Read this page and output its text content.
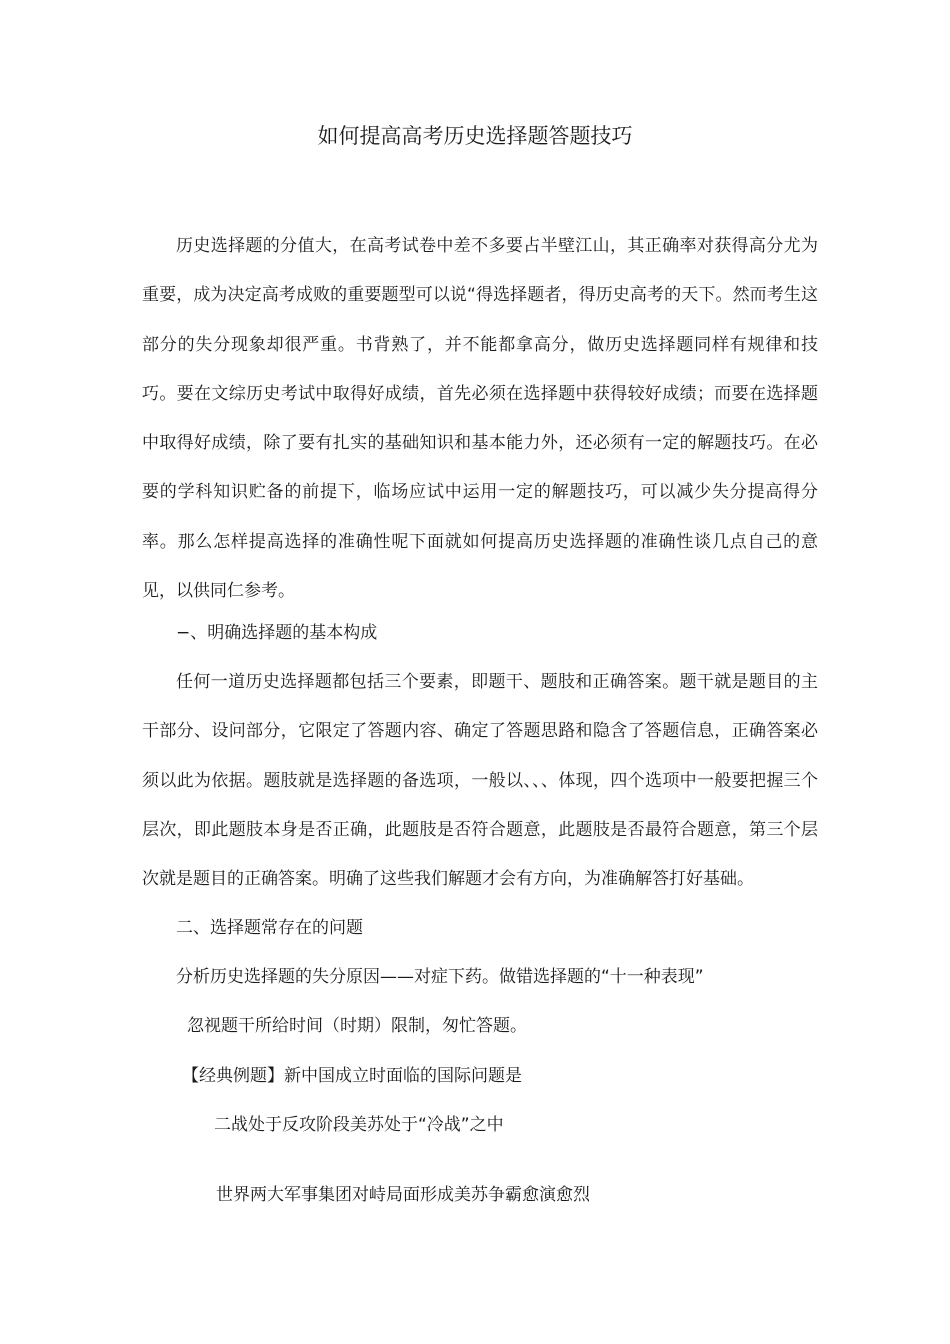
如何提高高考历史选择题答题技巧

历史选择题的分值大，在高考试卷中差不多要占半壁江山，其正确率对获得高分尤为重要，成为决定高考成败的重要题型可以说“得选择题者，得历史高考的天下。然而考生这部分的失分现象却很严重。书背熟了，并不能都拿高分，做历史选择题同样有规律和技巧。要在文综历史考试中取得好成绩，首先必须在选择题中获得较好成绩；而要在选择题中取得好成绩，除了要有扎实的基础知识和基本能力外，还必须有一定的解题技巧。在必要的学科知识贮备的前提下，临场应试中运用一定的解题技巧，可以减少失分提高得分率。那么怎样提高选择的准确性呢下面就如何提高历史选择题的准确性谈几点自己的意见，以供同仁参考。

−、明确选择题的基本构成

任何一道历史选择题都包括三个要素，即题干、题肢和正确答案。题干就是题目的主干部分、设问部分，它限定了答题内容、确定了答题思路和隐含了答题信息，正确答案必须以此为依据。题肢就是选择题的备选项，一般以、、、体现，四个选项中一般要把握三个层次，即此题肢本身是否正确，此题肢是否符合题意，此题肢是否最符合题意，第三个层次就是题目的正确答案。明确了这些我们解题才会有方向，为准确解答打好基础。

二、选择题常存在的问题

分析历史选择题的失分原因——对症下药。做错选择题的“十一种表现”

忽视题干所给时间（时期）限制，匆忙答题。

【经典例题】新中国成立时面临的国际问题是

二战处于反攻阶段美苏处于“冷战”之中

世界两大军事集团对峙局面形成美苏争霸愈演愈烈
